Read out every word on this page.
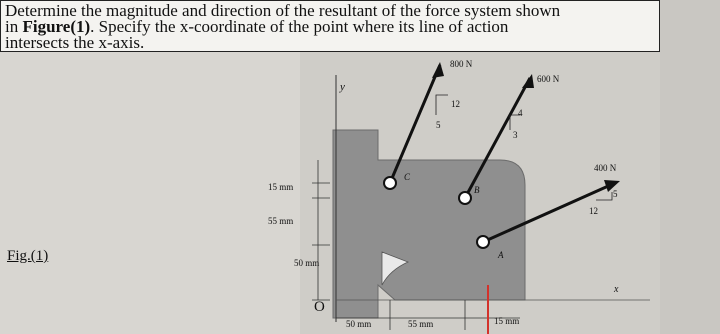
Determine the magnitude and direction of the resultant of the force system shown
in Figure(1). Specify the x-coordinate of the point where its line of action
intersects the x-axis.
800 N
600 N
400 N
12
5
4
3
5
12
15 mm
55 mm
50 mm
50 mm	55 mm	15 mm
C
B
A
O
y
x
Fig.(1)
